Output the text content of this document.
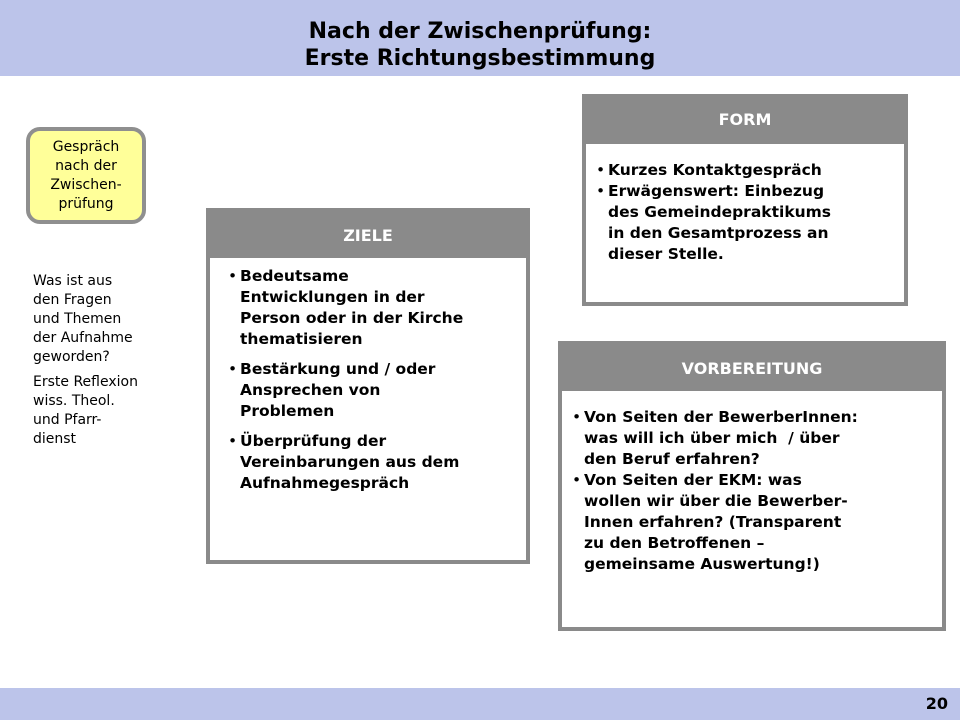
Nach der Zwischenprüfung:
Erste Richtungsbestimmung
Gespräch
nach der
Zwischen-
prüfung

Was ist aus
den Fragen
und Themen
der Aufnahme
geworden?

Erste Reflexion
wiss. Theol.
und Pfarr-
dienst

ZIELE
• Bedeutsame
Entwicklungen in der
Person oder in der Kirche
thematisieren
• Bestärkung und / oder
Ansprechen von
Problemen
• Überprüfung der
Vereinbarungen aus dem
Aufnahmegespräch
FORM
• Kurzes Kontaktgespräch
• Erwägenswert: Einbezug
des Gemeindepraktikums
in den Gesamtprozess an
dieser Stelle.
VORBEREITUNG
• Von Seiten der BewerberInnen:
was will ich über mich  / über
den Beruf erfahren?
• Von Seiten der EKM: was
wollen wir über die Bewerber-
Innen erfahren? (Transparent
zu den Betroffenen –
gemeinsame Auswertung!)
20
